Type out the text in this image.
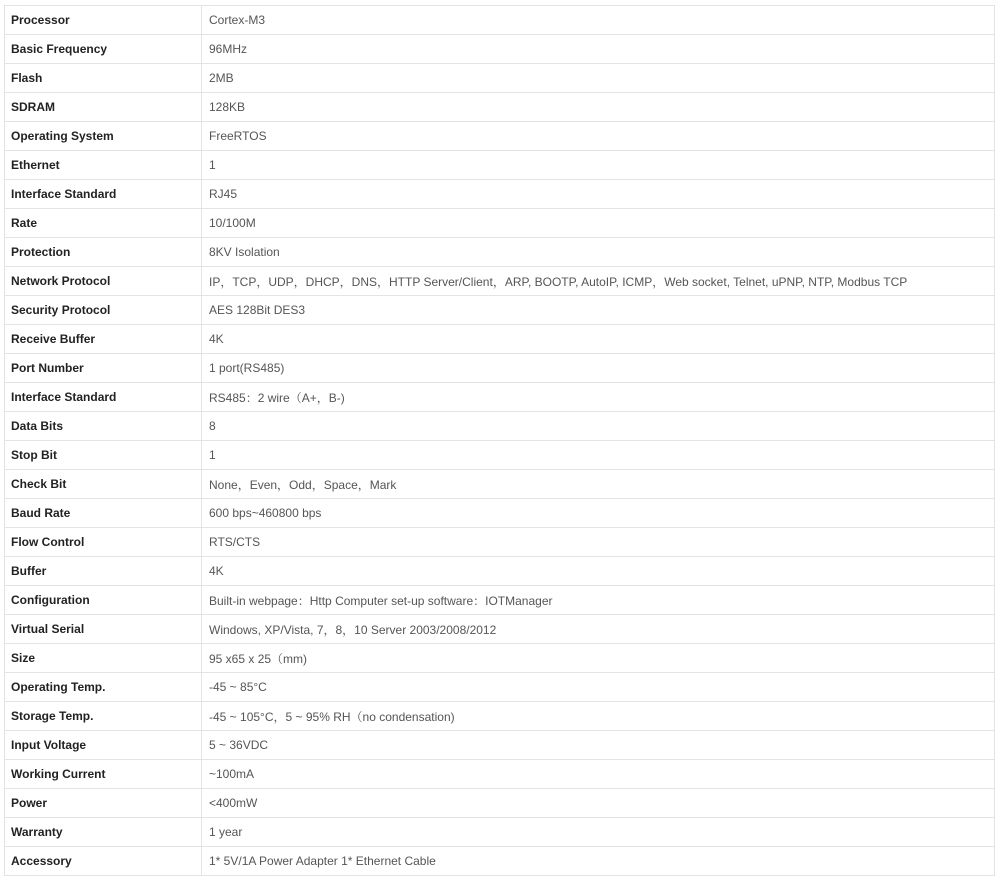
Processor	Cortex-M3
Basic Frequency	96MHz
Flash	2MB
SDRAM	128KB
Operating System	FreeRTOS
Ethernet	1
Interface Standard	RJ45
Rate	10/100M
Protection	8KV Isolation
Network Protocol	IP，TCP，UDP，DHCP，DNS，HTTP Server/Client，ARP, BOOTP, AutoIP, ICMP，Web socket, Telnet, uPNP, NTP, Modbus TCP
Security Protocol	AES 128Bit DES3
Receive Buffer	4K
Port Number	1 port(RS485)
Interface Standard	RS485：2 wire（A+，B-)
Data Bits	8
Stop Bit	1
Check Bit	None，Even，Odd，Space，Mark
Baud Rate	600 bps~460800 bps
Flow Control	RTS/CTS
Buffer	4K
Configuration	Built-in webpage：Http Computer set-up software：IOTManager
Virtual Serial	Windows, XP/Vista, 7，8，10 Server 2003/2008/2012
Size	95 x65 x 25（mm)
Operating Temp.	-45 ~ 85°C
Storage Temp.	-45 ~ 105°C，5 ~ 95% RH（no condensation)
Input Voltage	5 ~ 36VDC
Working Current	~100mA
Power	<400mW
Warranty	1 year
Accessory	1* 5V/1A Power Adapter 1* Ethernet Cable
